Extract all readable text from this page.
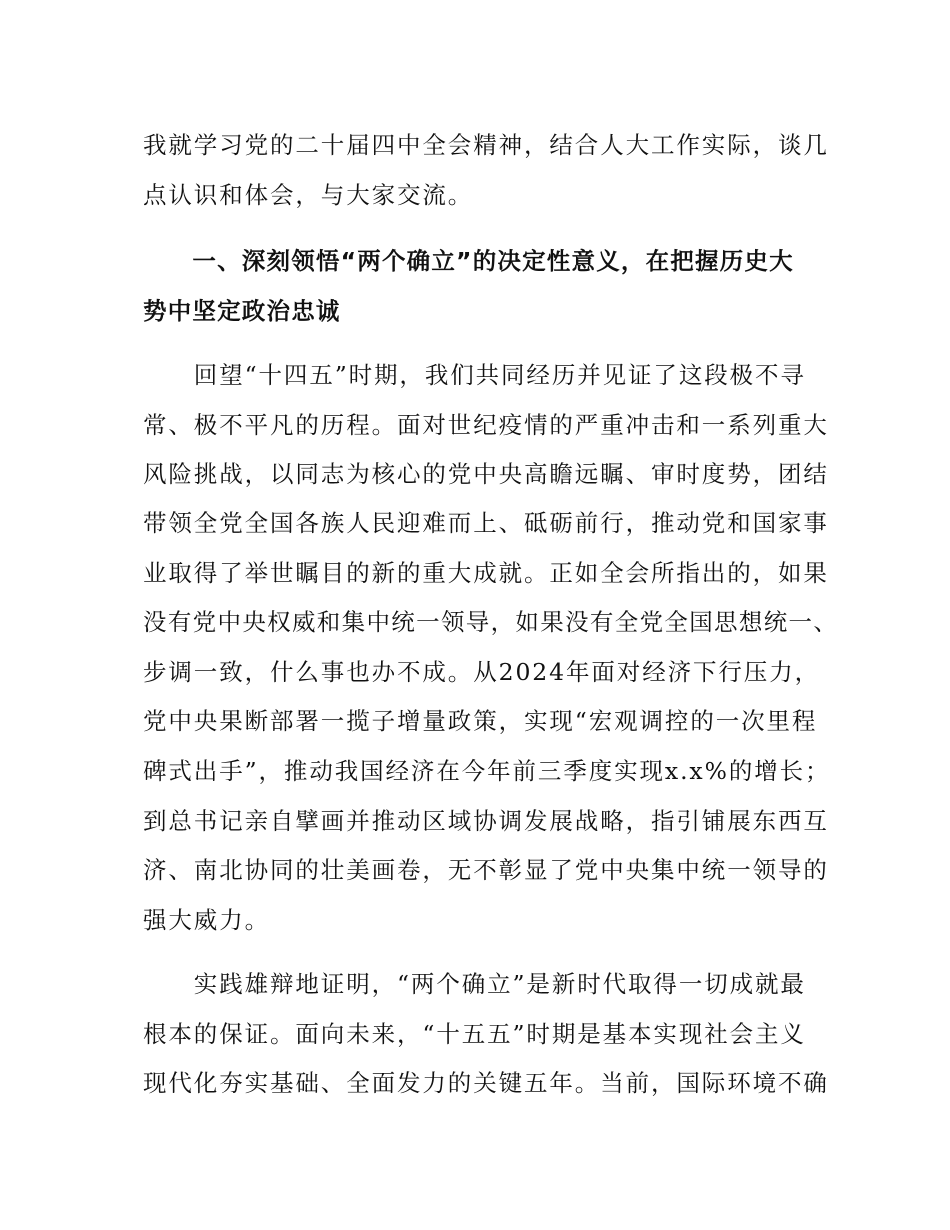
我就学习党的二十届四中全会精神，结合人大工作实际，谈几
点认识和体会，与大家交流。
　　一、深刻领悟“两个确立”的决定性意义，在把握历史大
势中坚定政治忠诚
　　回望“十四五”时期，我们共同经历并见证了这段极不寻
常、极不平凡的历程。面对世纪疫情的严重冲击和一系列重大
风险挑战，以同志为核心的党中央高瞻远瞩、审时度势，团结
带领全党全国各族人民迎难而上、砥砺前行，推动党和国家事
业取得了举世瞩目的新的重大成就。正如全会所指出的，如果
没有党中央权威和集中统一领导，如果没有全党全国思想统一、
步调一致，什么事也办不成。从2024年面对经济下行压力，
党中央果断部署一揽子增量政策，实现“宏观调控的一次里程
碑式出手”，推动我国经济在今年前三季度实现x.x%的增长；
到总书记亲自擘画并推动区域协调发展战略，指引铺展东西互
济、南北协同的壮美画卷，无不彰显了党中央集中统一领导的
强大威力。
　　实践雄辩地证明，“两个确立”是新时代取得一切成就最
根本的保证。面向未来，“十五五”时期是基本实现社会主义
现代化夯实基础、全面发力的关键五年。当前，国际环境不确
